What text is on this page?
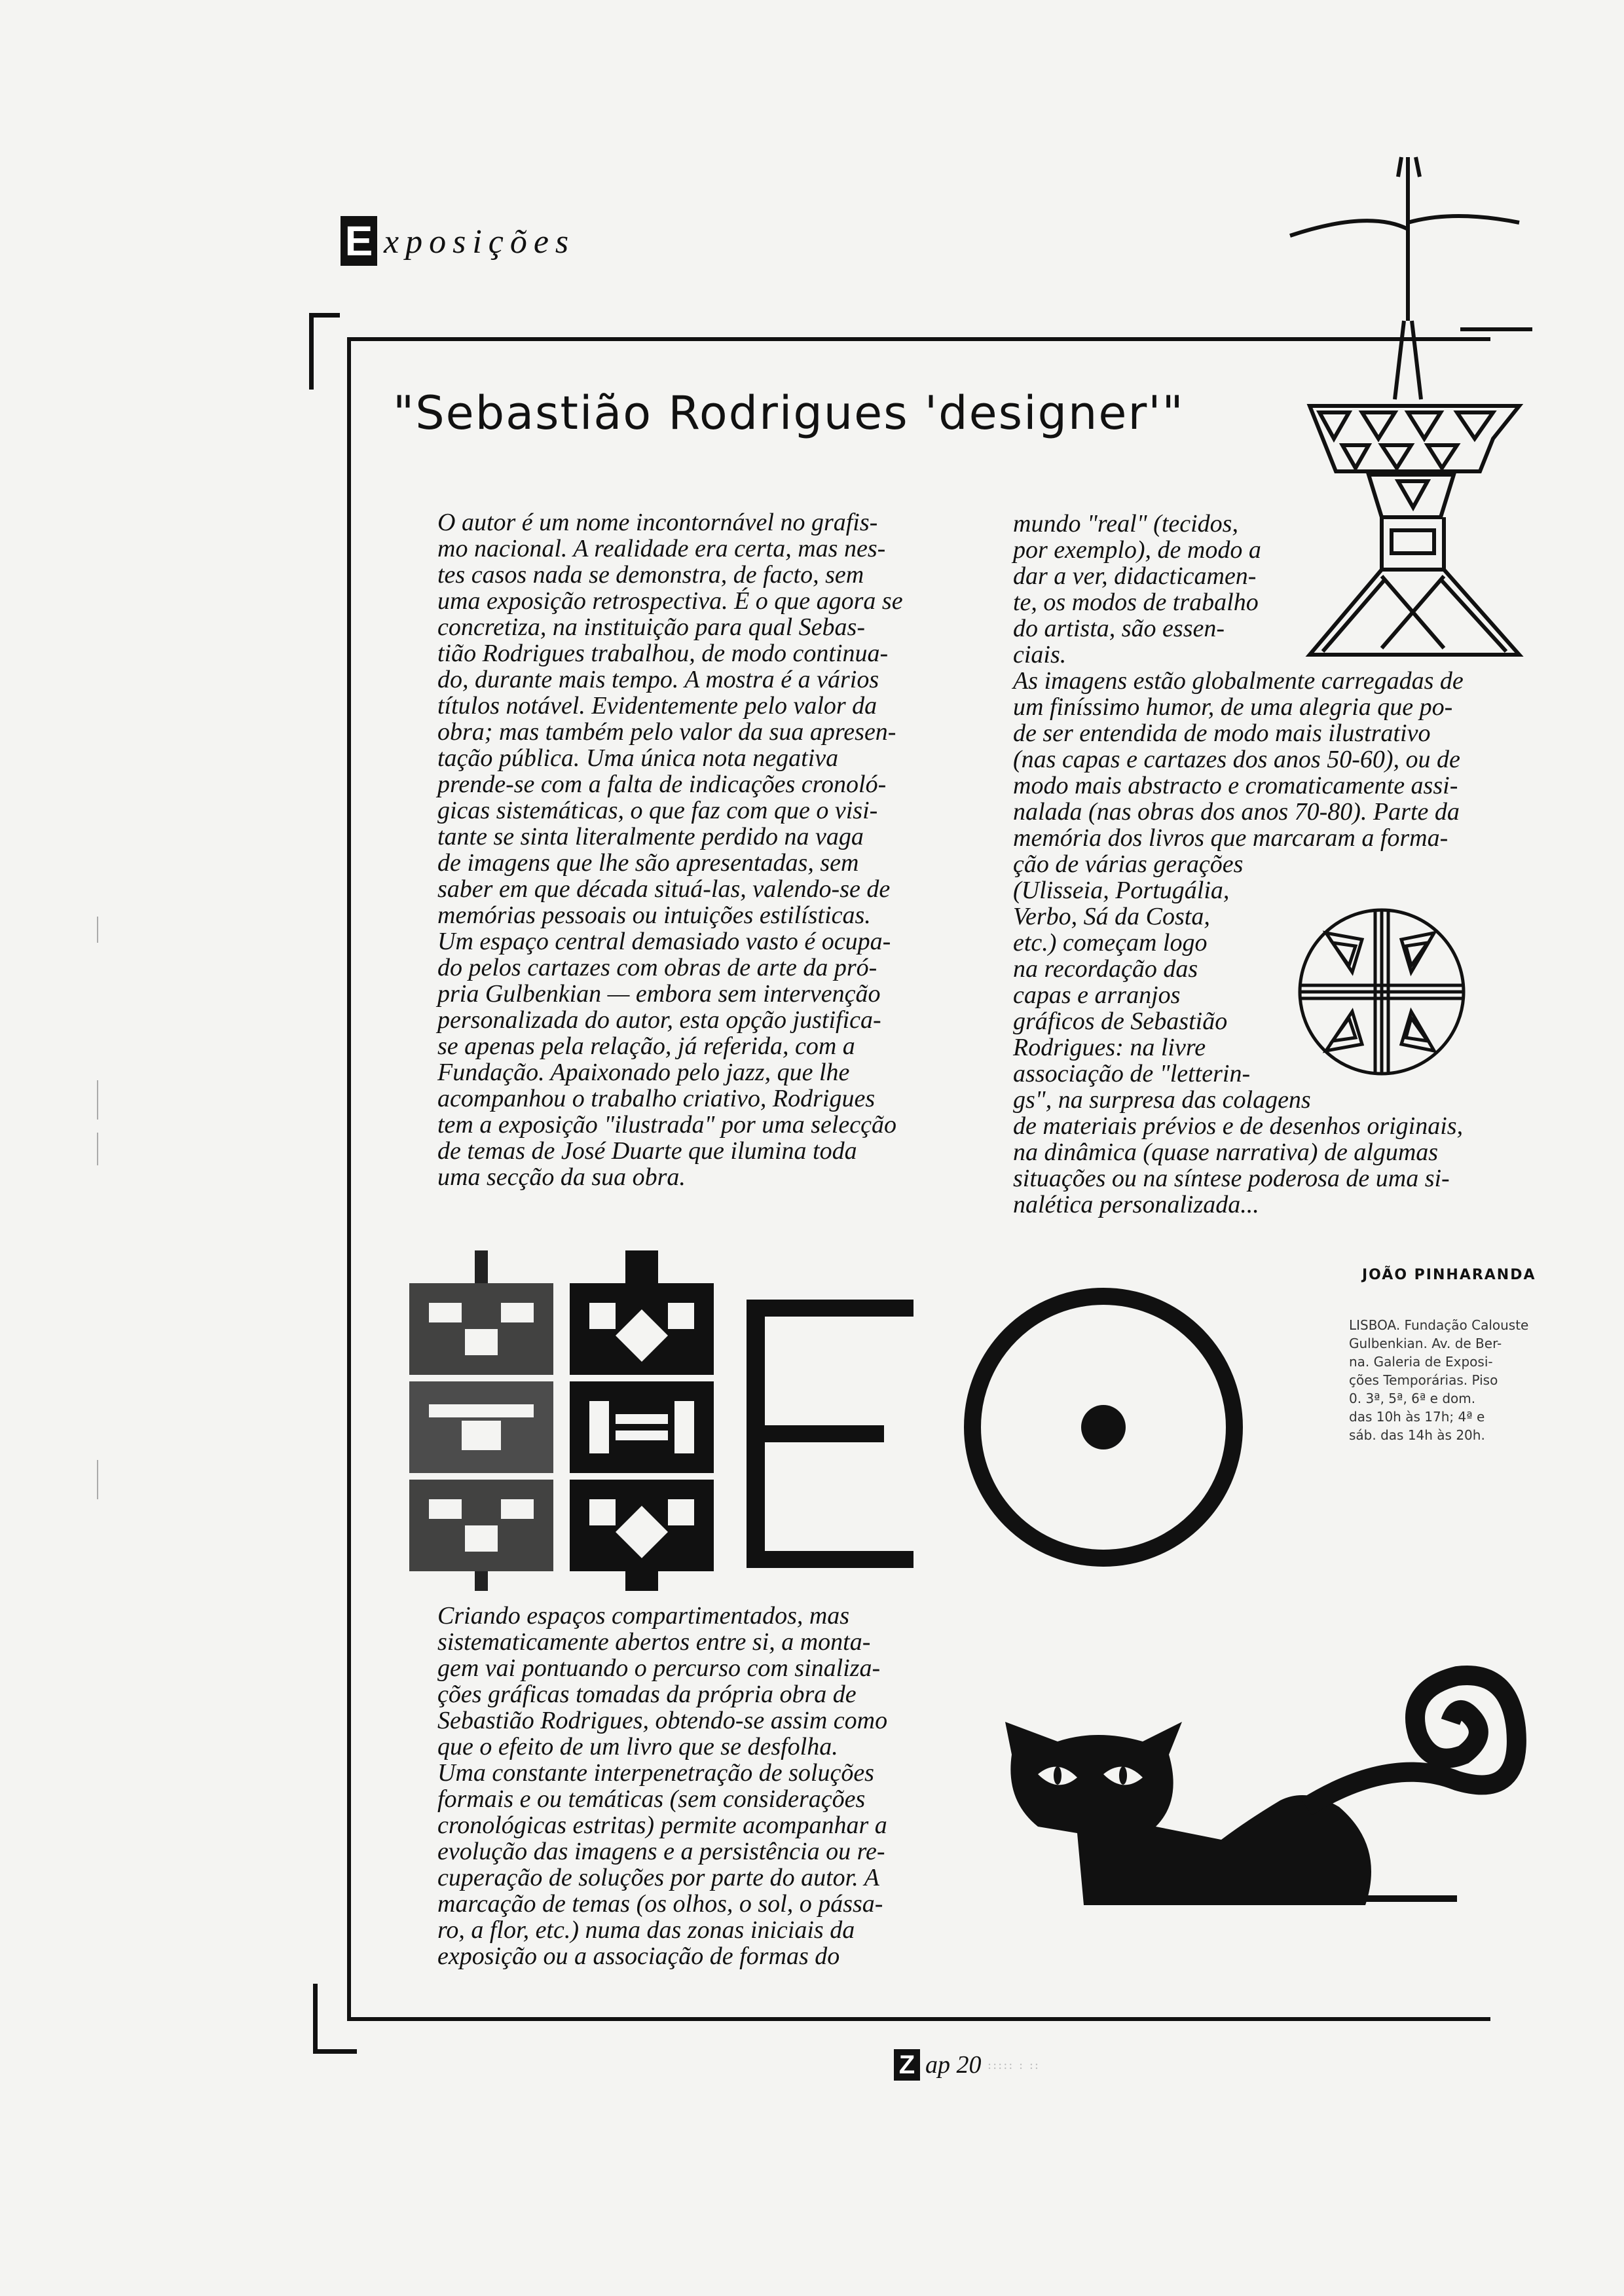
E xposições
"Sebastião Rodrigues 'designer'"
O autor é um nome incontornável no grafis-
mo nacional. A realidade era certa, mas nes-
tes casos nada se demonstra, de facto, sem
uma exposição retrospectiva. É o que agora se
concretiza, na instituição para qual Sebas-
tião Rodrigues trabalhou, de modo continua-
do, durante mais tempo. A mostra é a vários
títulos notável. Evidentemente pelo valor da
obra; mas também pelo valor da sua apresen-
tação pública. Uma única nota negativa
prende-se com a falta de indicações cronoló-
gicas sistemáticas, o que faz com que o visi-
tante se sinta literalmente perdido na vaga
de imagens que lhe são apresentadas, sem
saber em que década situá-las, valendo-se de
memórias pessoais ou intuições estilísticas.
Um espaço central demasiado vasto é ocupa-
do pelos cartazes com obras de arte da pró-
pria Gulbenkian — embora sem intervenção
personalizada do autor, esta opção justifica-
se apenas pela relação, já referida, com a
Fundação. Apaixonado pelo jazz, que lhe
acompanhou o trabalho criativo, Rodrigues
tem a exposição "ilustrada" por uma selecção
de temas de José Duarte que ilumina toda
uma secção da sua obra.
mundo "real" (tecidos,
por exemplo), de modo a
dar a ver, didacticamen-
te, os modos de trabalho
do artista, são essen-
ciais.
As imagens estão globalmente carregadas de
um finíssimo humor, de uma alegria que po-
de ser entendida de modo mais ilustrativo
(nas capas e cartazes dos anos 50-60), ou de
modo mais abstracto e cromaticamente assi-
nalada (nas obras dos anos 70-80). Parte da
memória dos livros que marcaram a forma-
ção de várias gerações
(Ulisseia, Portugália,
Verbo, Sá da Costa,
etc.) começam logo
na recordação das
capas e arranjos
gráficos de Sebastião
Rodrigues: na livre
associação de "letterin-
gs", na surpresa das colagens
de materiais prévios e de desenhos originais,
na dinâmica (quase narrativa) de algumas
situações ou na síntese poderosa de uma si-
nalética personalizada...
Criando espaços compartimentados, mas
sistematicamente abertos entre si, a monta-
gem vai pontuando o percurso com sinaliza-
ções gráficas tomadas da própria obra de
Sebastião Rodrigues, obtendo-se assim como
que o efeito de um livro que se desfolha.
Uma constante interpenetração de soluções
formais e ou temáticas (sem considerações
cronológicas estritas) permite acompanhar a
evolução das imagens e a persistência ou re-
cuperação de soluções por parte do autor. A
marcação de temas (os olhos, o sol, o pássa-
ro, a flor, etc.) numa das zonas iniciais da
exposição ou a associação de formas do
JOÃO PINHARANDA
LISBOA. Fundação Calouste
Gulbenkian. Av. de Ber-
na. Galeria de Exposi-
ções Temporárias. Piso
0. 3ª, 5ª, 6ª e dom.
das 10h às 17h; 4ª e
sáb. das 14h às 20h.
Z ap 20 ::::: : ::
